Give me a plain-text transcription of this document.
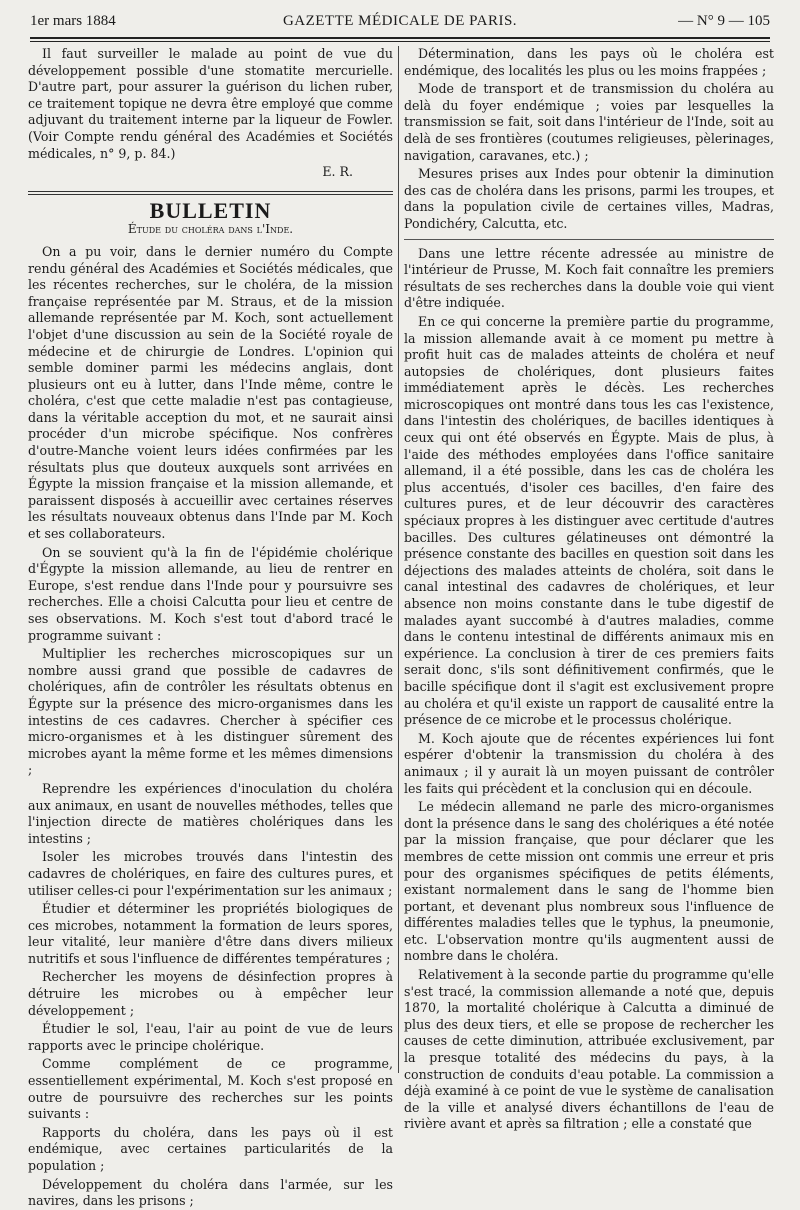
1er mars 1884	GAZETTE MÉDICALE DE PARIS.	— N° 9 — 105

Il faut surveiller le malade au point de vue du développement possible d'une stomatite mercurielle. D'autre part, pour assurer la guérison du lichen ruber, ce traitement topique ne devra être employé que comme adjuvant du traitement interne par la liqueur de Fowler. (Voir Compte rendu général des Académies et Sociétés médicales, n° 9, p. 84.)

E. R.
BULLETIN
Étude du choléra dans l'Inde.

On a pu voir, dans le dernier numéro du Compte rendu général des Académies et Sociétés médicales, que les récentes recherches, sur le choléra, de la mission française représentée par M. Straus, et de la mission allemande représentée par M. Koch, sont actuellement l'objet d'une discussion au sein de la Société royale de médecine et de chirurgie de Londres. L'opinion qui semble dominer parmi les médecins anglais, dont plusieurs ont eu à lutter, dans l'Inde même, contre le choléra, c'est que cette maladie n'est pas contagieuse, dans la véritable acception du mot, et ne saurait ainsi procéder d'un microbe spécifique. Nos confrères d'outre-Manche voient leurs idées confirmées par les résultats plus que douteux auxquels sont arrivées en Égypte la mission française et la mission allemande, et paraissent disposés à accueillir avec certaines réserves les résultats nouveaux obtenus dans l'Inde par M. Koch et ses collaborateurs.

On se souvient qu'à la fin de l'épidémie cholérique d'Égypte la mission allemande, au lieu de rentrer en Europe, s'est rendue dans l'Inde pour y poursuivre ses recherches. Elle a choisi Calcutta pour lieu et centre de ses observations. M. Koch s'est tout d'abord tracé le programme suivant :

Multiplier les recherches microscopiques sur un nombre aussi grand que possible de cadavres de cholériques, afin de contrôler les résultats obtenus en Égypte sur la présence des micro-organismes dans les intestins de ces cadavres. Chercher à spécifier ces micro-organismes et à les distinguer sûrement des microbes ayant la même forme et les mêmes dimensions ;

Reprendre les expériences d'inoculation du choléra aux animaux, en usant de nouvelles méthodes, telles que l'injection directe de matières cholériques dans les intestins ;

Isoler les microbes trouvés dans l'intestin des cadavres de cholériques, en faire des cultures pures, et utiliser celles-ci pour l'expérimentation sur les animaux ;

Étudier et déterminer les propriétés biologiques de ces microbes, notamment la formation de leurs spores, leur vitalité, leur manière d'être dans divers milieux nutritifs et sous l'influence de différentes températures ;

Rechercher les moyens de désinfection propres à détruire les microbes ou à empêcher leur développement ;

Étudier le sol, l'eau, l'air au point de vue de leurs rapports avec le principe cholérique.

Comme complément de ce programme, essentiellement expérimental, M. Koch s'est proposé en outre de poursuivre des recherches sur les points suivants :

Rapports du choléra, dans les pays où il est endémique, avec certaines particularités de la population ;

Développement du choléra dans l'armée, sur les navires, dans les prisons ;

Détermination, dans les pays où le choléra est endémique, des localités les plus ou les moins frappées ;

Mode de transport et de transmission du choléra au delà du foyer endémique ; voies par lesquelles la transmission se fait, soit dans l'intérieur de l'Inde, soit au delà de ses frontières (coutumes religieuses, pèlerinages, navigation, caravanes, etc.) ;

Mesures prises aux Indes pour obtenir la diminution des cas de choléra dans les prisons, parmi les troupes, et dans la population civile de certaines villes, Madras, Pondichéry, Calcutta, etc.

Dans une lettre récente adressée au ministre de l'intérieur de Prusse, M. Koch fait connaître les premiers résultats de ses recherches dans la double voie qui vient d'être indiquée.

En ce qui concerne la première partie du programme, la mission allemande avait à ce moment pu mettre à profit huit cas de malades atteints de choléra et neuf autopsies de cholériques, dont plusieurs faites immédiatement après le décès. Les recherches microscopiques ont montré dans tous les cas l'existence, dans l'intestin des cholériques, de bacilles identiques à ceux qui ont été observés en Égypte. Mais de plus, à l'aide des méthodes employées dans l'office sanitaire allemand, il a été possible, dans les cas de choléra les plus accentués, d'isoler ces bacilles, d'en faire des cultures pures, et de leur découvrir des caractères spéciaux propres à les distinguer avec certitude d'autres bacilles. Des cultures gélatineuses ont démontré la présence constante des bacilles en question soit dans les déjections des malades atteints de choléra, soit dans le canal intestinal des cadavres de cholériques, et leur absence non moins constante dans le tube digestif de malades ayant succombé à d'autres maladies, comme dans le contenu intestinal de différents animaux mis en expérience. La conclusion à tirer de ces premiers faits serait donc, s'ils sont définitivement confirmés, que le bacille spécifique dont il s'agit est exclusivement propre au choléra et qu'il existe un rapport de causalité entre la présence de ce microbe et le processus cholérique.

M. Koch ajoute que de récentes expériences lui font espérer d'obtenir la transmission du choléra à des animaux ; il y aurait là un moyen puissant de contrôler les faits qui précèdent et la conclusion qui en découle.

Le médecin allemand ne parle des micro-organismes dont la présence dans le sang des cholériques a été notée par la mission française, que pour déclarer que les membres de cette mission ont commis une erreur et pris pour des organismes spécifiques de petits éléments, existant normalement dans le sang de l'homme bien portant, et devenant plus nombreux sous l'influence de différentes maladies telles que le typhus, la pneumonie, etc. L'observation montre qu'ils augmentent aussi de nombre dans le choléra.

Relativement à la seconde partie du programme qu'elle s'est tracé, la commission allemande a noté que, depuis 1870, la mortalité cholérique à Calcutta a diminué de plus des deux tiers, et elle se propose de rechercher les causes de cette diminution, attribuée exclusivement, par la presque totalité des médecins du pays, à la construction de conduits d'eau potable. La commission a déjà examiné à ce point de vue le système de canalisation de la ville et analysé divers échantillons de l'eau de rivière avant et après sa filtration ; elle a constaté que
